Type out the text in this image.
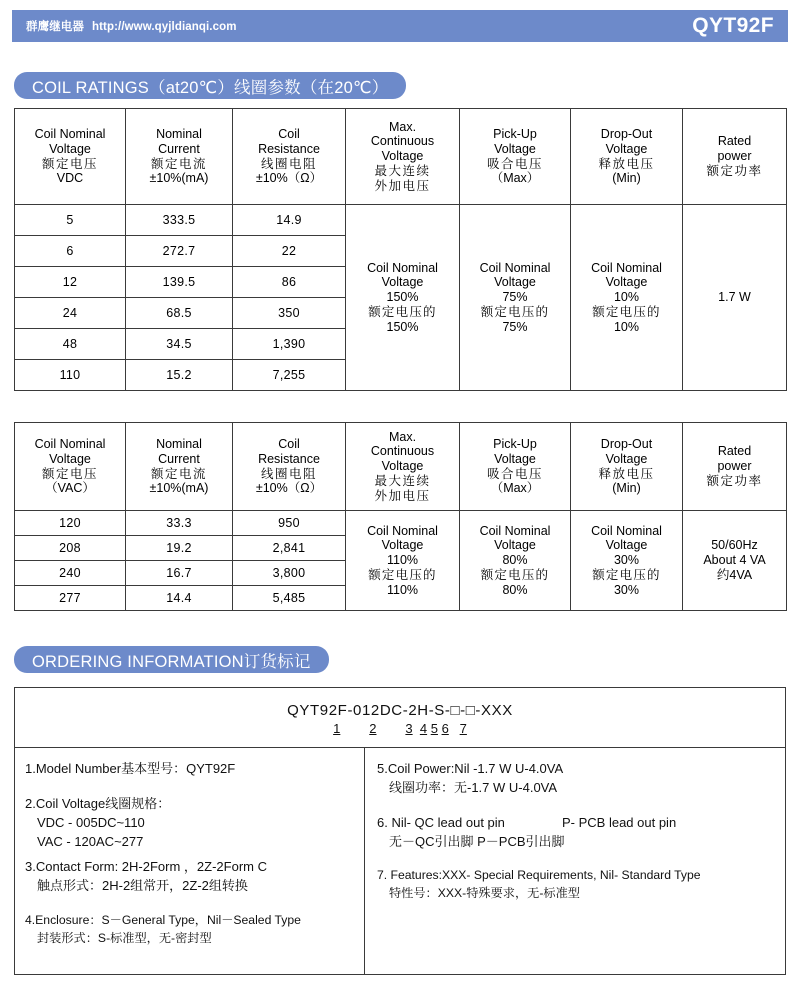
群鹰继电器 http://www.qyjldianqi.com	QYT92F
COIL RATINGS（at20℃）线圈参数（在20℃）
Coil Nominal
Voltage
额定电压
VDC	Nominal
Current
额定电流
±10%(mA)	Coil
Resistance
线圈电阻
±10%（Ω）	Max.
Continuous
Voltage
最大连续
外加电压	Pick-Up
Voltage
吸合电压
（Max）	Drop-Out
Voltage
释放电压
(Min)	Rated
power
额定功率

5	333.5	14.9	Coil Nominal
Voltage
150%
额定电压的
150%	Coil Nominal
Voltage
75%
额定电压的
75%	Coil Nominal
Voltage
10%
额定电压的
10%	1.7 W
6	272.7	22				
12	139.5	86				
24	68.5	350				
48	34.5	1,390				
110	15.2	7,255				
Coil Nominal
Voltage
额定电压
（VAC）	Nominal
Current
额定电流
±10%(mA)	Coil
Resistance
线圈电阻
±10%（Ω）	Max.
Continuous
Voltage
最大连续
外加电压	Pick-Up
Voltage
吸合电压
（Max）	Drop-Out
Voltage
释放电压
(Min)	Rated
power
额定功率

120	33.3	950	Coil Nominal
Voltage
110%
额定电压的
110%	Coil Nominal
Voltage
80%
额定电压的
80%	Coil Nominal
Voltage
30%
额定电压的
30%	50/60Hz
About 4 VA
约4VA
208	19.2	2,841				
240	16.7	3,800				
277	14.4	5,485				
ORDERING INFORMATION订货标记
QYT92F-012DC-2H-S-□-□-XXX
1
2
3
4
5
6
7
1.Model Number基本型号：QYT92F
2.Coil Voltage线圈规格：
VDC - 005DC~110
VAC - 120AC~277
3.Contact Form: 2H-2Form ，2Z-2Form C
触点形式：2H-2组常开，2Z-2组转换
4.Enclosure：S－General Type，Nil－Sealed Type
封装形式：S-标准型，无-密封型
5.Coil Power:Nil -1.7 W U-4.0VA
线圈功率：无-1.7 W U-4.0VA
6. Nil- QC lead out pin	P- PCB lead out pin
无－QC引出脚 P－PCB引出脚
7. Features:XXX- Special Requirements, Nil- Standard Type
特性号：XXX-特殊要求，无-标准型
